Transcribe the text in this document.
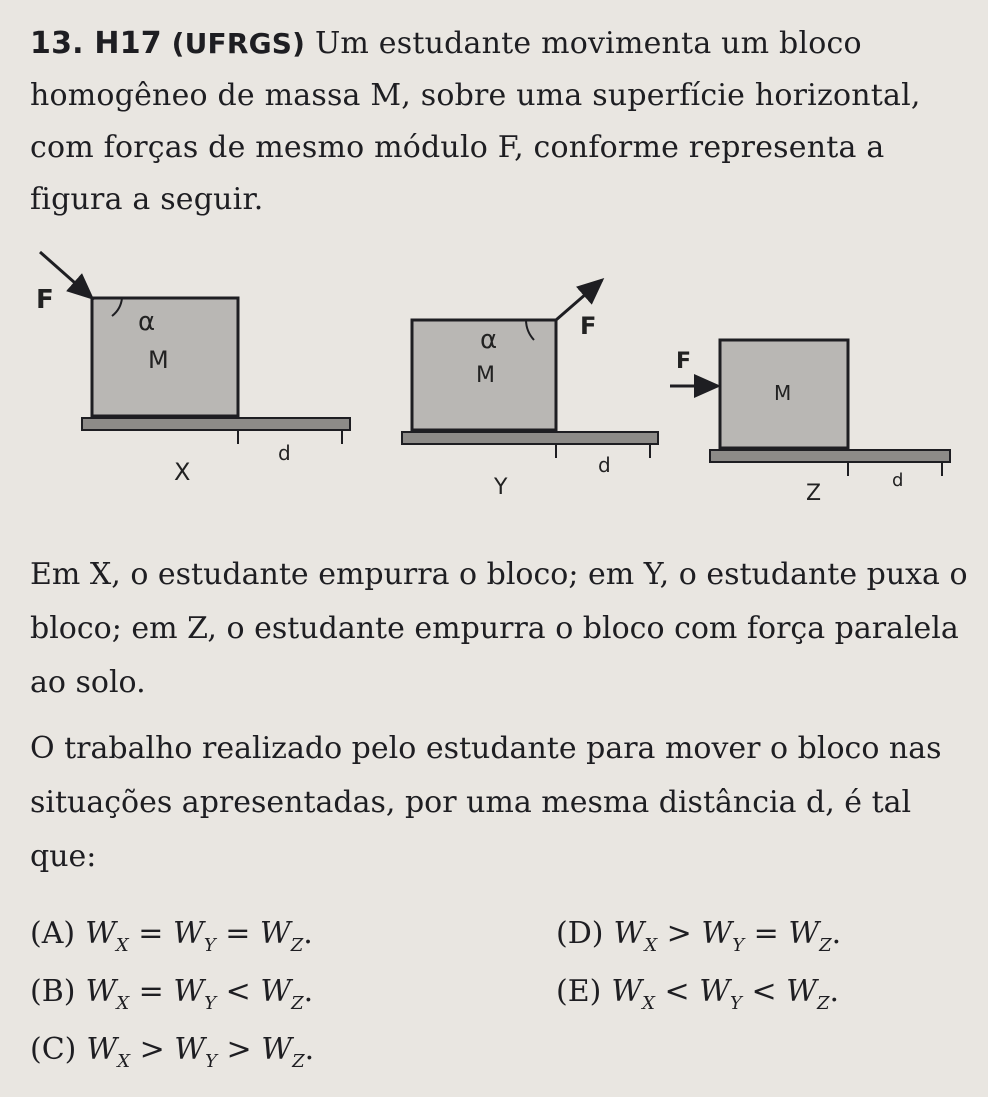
13. H17 (UFRGS) Um estudante movimenta um bloco
homogêneo de massa M, sobre uma superfície horizontal,
com forças de mesmo módulo F, conforme representa a
figura a seguir.
F
α
M
d
X
F
α
M
d
Y
F
M
d
Z
Em X, o estudante empurra o bloco; em Y, o estudante puxa o bloco; em Z, o estudante empurra o bloco com força paralela ao solo.
O trabalho realizado pelo estudante para mover o bloco nas situações apresentadas, por uma mesma distância d, é tal que:
(A) $W_X = W_Y = W_Z$.
(B) $W_X = W_Y < W_Z$.
(C) $W_X > W_Y > W_Z$.
(D) $W_X > W_Y = W_Z$.
(E) $W_X < W_Y < W_Z$.
